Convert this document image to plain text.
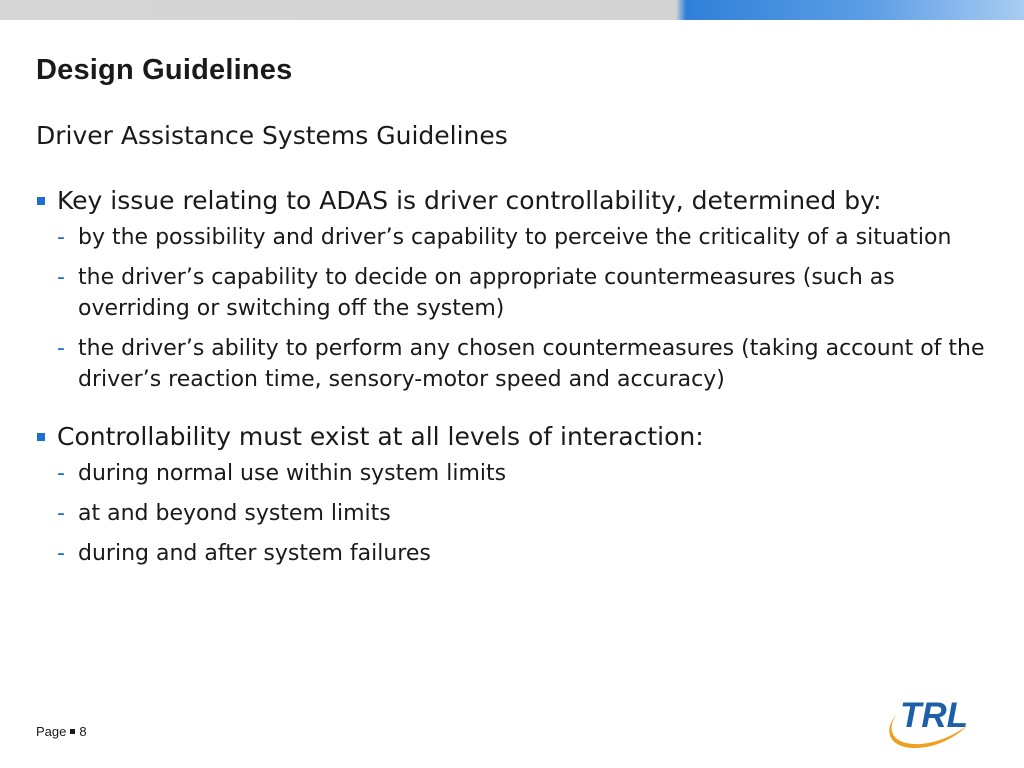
Design Guidelines
Driver Assistance Systems Guidelines
Key issue relating to ADAS is driver controllability, determined by:
- by the possibility and driver’s capability to perceive the criticality of a situation
- the driver’s capability to decide on appropriate countermeasures (such as overriding or switching off the system)
- the driver’s ability to perform any chosen countermeasures (taking account of the driver’s reaction time, sensory-motor speed and accuracy)
Controllability must exist at all levels of interaction:
- during normal use within system limits
- at and beyond system limits
- during and after system failures
Page 8	TRL
